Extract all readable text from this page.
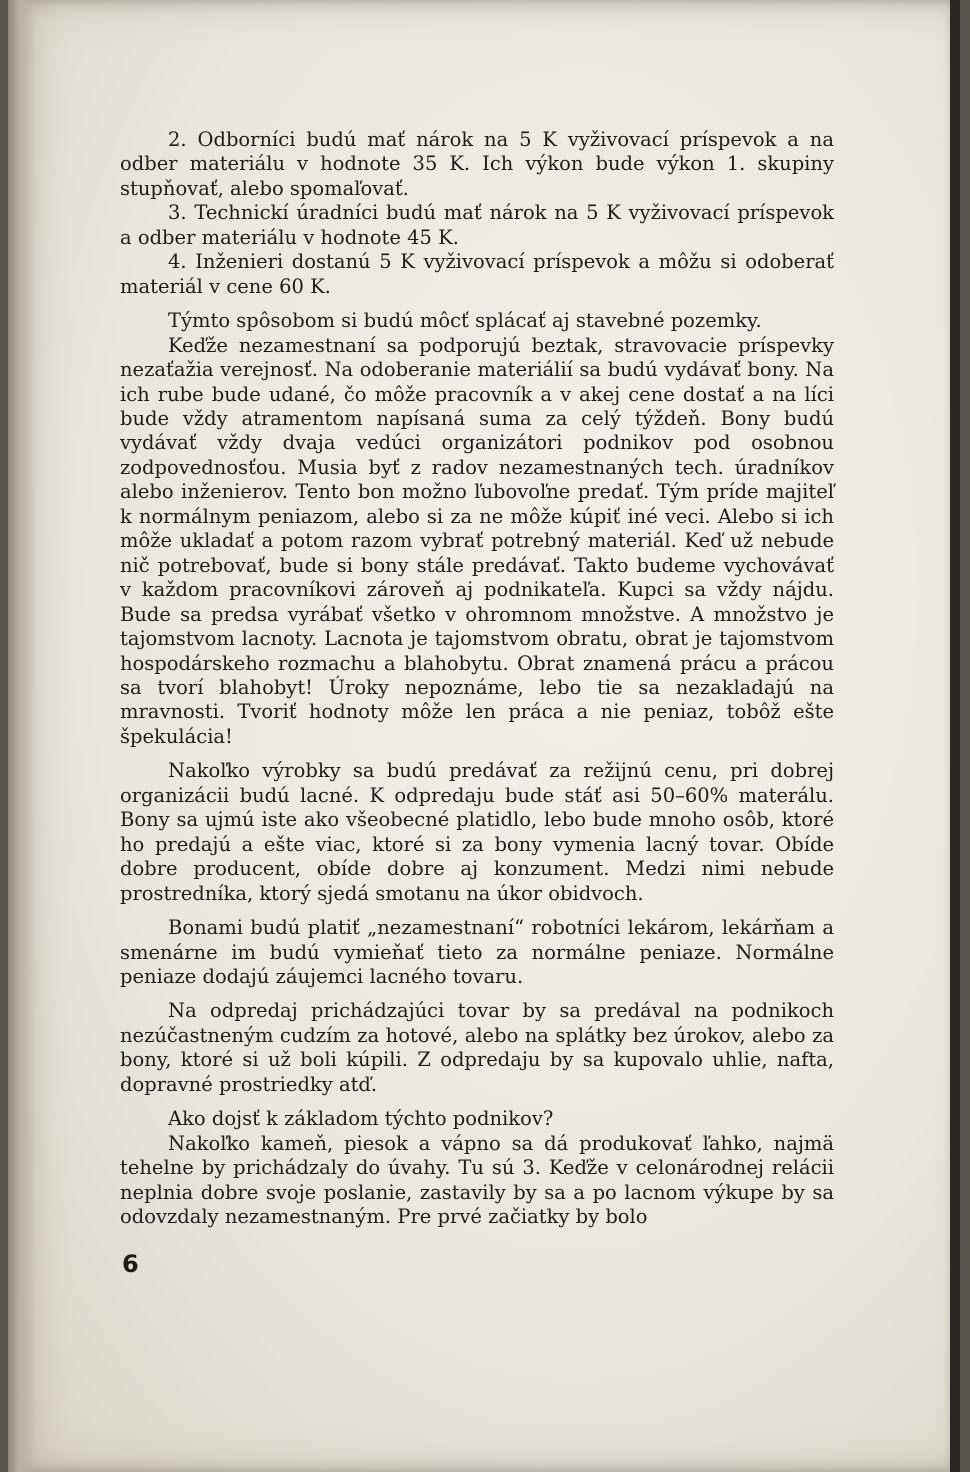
2. Odborníci budú mať nárok na 5 K vyživovací príspevok a na odber materiálu v hodnote 35 K. Ich výkon bude výkon 1. skupiny stupňovať, alebo spomaľovať.

3. Technickí úradníci budú mať nárok na 5 K vyživovací príspevok a odber materiálu v hodnote 45 K.

4. Inženieri dostanú 5 K vyživovací príspevok a môžu si odoberať materiál v cene 60 K.

Týmto spôsobom si budú môcť splácať aj stavebné pozemky.

Keďže nezamestnaní sa podporujú beztak, stravovacie príspevky nezaťažia verejnosť. Na odoberanie materiálií sa budú vydávať bony. Na ich rube bude udané, čo môže pracovník a v akej cene dostať a na líci bude vždy atramentom napísaná suma za celý týždeň. Bony budú vydávať vždy dvaja vedúci organizátori podnikov pod osobnou zodpovednosťou. Musia byť z radov nezamestnaných tech. úradníkov alebo inženierov. Tento bon možno ľubovoľne predať. Tým príde majiteľ k normálnym peniazom, alebo si za ne môže kúpiť iné veci. Alebo si ich môže ukladať a potom razom vybrať potrebný materiál. Keď už nebude nič potrebovať, bude si bony stále predávať. Takto budeme vychovávať v každom pracovníkovi zároveň aj podnikateľa. Kupci sa vždy nájdu. Bude sa predsa vyrábať všetko v ohromnom množstve. A množstvo je tajomstvom lacnoty. Lacnota je tajomstvom obratu, obrat je tajomstvom hospodárskeho rozmachu a blahobytu. Obrat znamená prácu a prácou sa tvorí blahobyt! Úroky nepoznáme, lebo tie sa nezakladajú na mravnosti. Tvoriť hodnoty môže len práca a nie peniaz, tobôž ešte špekulácia!

Nakoľko výrobky sa budú predávať za režijnú cenu, pri dobrej organizácii budú lacné. K odpredaju bude stáť asi 50–60% materálu. Bony sa ujmú iste ako všeobecné platidlo, lebo bude mnoho osôb, ktoré ho predajú a ešte viac, ktoré si za bony vymenia lacný tovar. Obíde dobre producent, obíde dobre aj konzument. Medzi nimi nebude prostredníka, ktorý sjedá smotanu na úkor obidvoch.

Bonami budú platiť „nezamestnaní“ robotníci lekárom, lekárňam a smenárne im budú vymieňať tieto za normálne peniaze. Normálne peniaze dodajú záujemci lacného tovaru.

Na odpredaj prichádzajúci tovar by sa predával na podnikoch nezúčastneným cudzím za hotové, alebo na splátky bez úrokov, alebo za bony, ktoré si už boli kúpili. Z odpredaju by sa kupovalo uhlie, nafta, dopravné prostriedky atď.

Ako dojsť k základom týchto podnikov?

Nakoľko kameň, piesok a vápno sa dá produkovať ľahko, najmä tehelne by prichádzaly do úvahy. Tu sú 3. Keďže v celonárodnej relácii neplnia dobre svoje poslanie, zastavily by sa a po lacnom výkupe by sa odovzdaly nezamestnaným. Pre prvé začiatky by bolo

6
